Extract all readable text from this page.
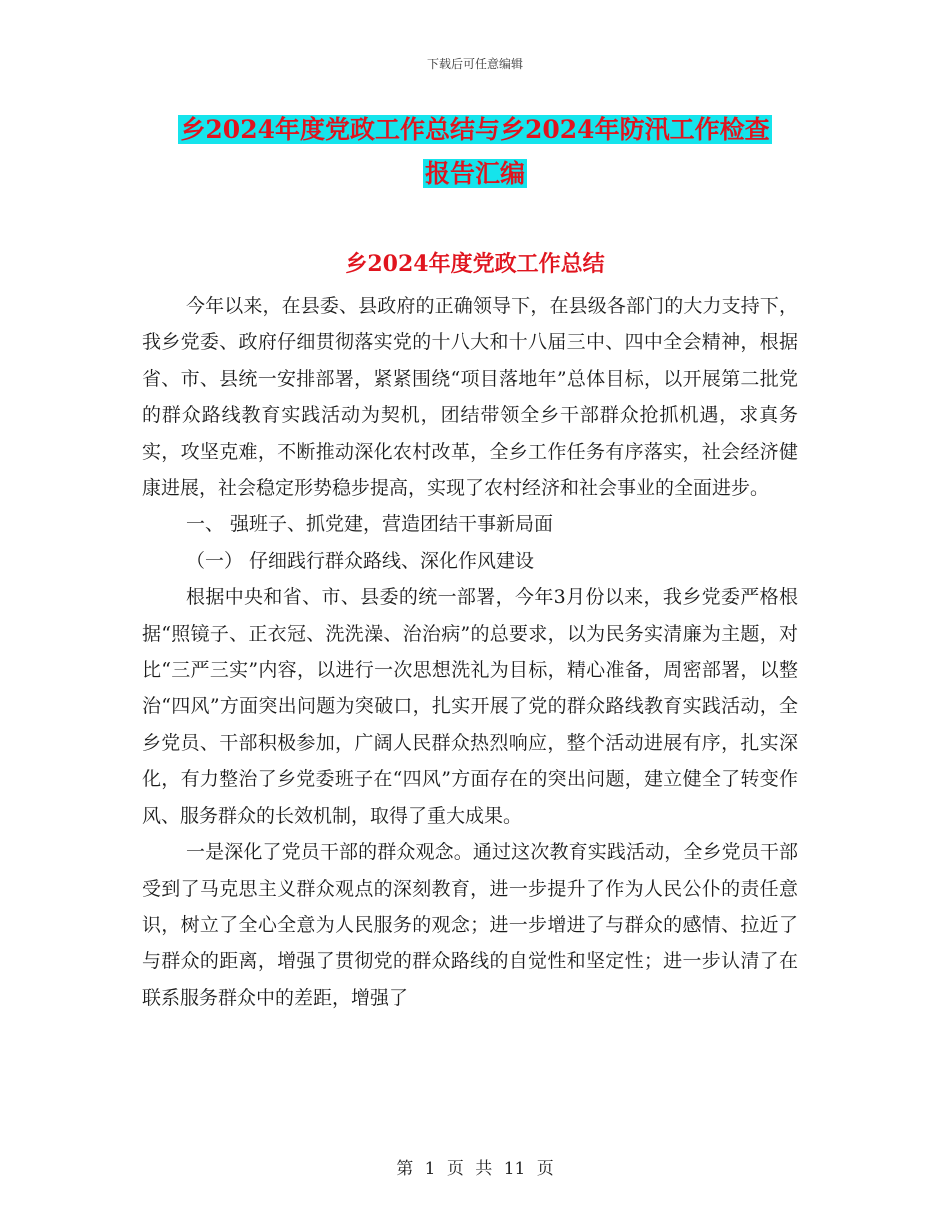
下载后可任意编辑
乡2024年度党政工作总结与乡2024年防汛工作检查
报告汇编
乡2024年度党政工作总结

今年以来，在县委、县政府的正确领导下，在县级各部门的大力支持下，我乡党委、政府仔细贯彻落实党的十八大和十八届三中、四中全会精神，根据省、市、县统一安排部署，紧紧围绕“项目落地年”总体目标，以开展第二批党的群众路线教育实践活动为契机，团结带领全乡干部群众抢抓机遇，求真务实，攻坚克难，不断推动深化农村改革，全乡工作任务有序落实，社会经济健康进展，社会稳定形势稳步提高，实现了农村经济和社会事业的全面进步。

一、 强班子、抓党建，营造团结干事新局面

（一） 仔细践行群众路线、深化作风建设

根据中央和省、市、县委的统一部署，今年3月份以来，我乡党委严格根据“照镜子、正衣冠、洗洗澡、治治病”的总要求，以为民务实清廉为主题，对比“三严三实”内容，以进行一次思想洗礼为目标，精心准备，周密部署，以整治“四风”方面突出问题为突破口，扎实开展了党的群众路线教育实践活动，全乡党员、干部积极参加，广阔人民群众热烈响应，整个活动进展有序，扎实深化，有力整治了乡党委班子在“四风”方面存在的突出问题，建立健全了转变作风、服务群众的长效机制，取得了重大成果。

一是深化了党员干部的群众观念。通过这次教育实践活动，全乡党员干部受到了马克思主义群众观点的深刻教育，进一步提升了作为人民公仆的责任意识，树立了全心全意为人民服务的观念；进一步增进了与群众的感情、拉近了与群众的距离，增强了贯彻党的群众路线的自觉性和坚定性；进一步认清了在联系服务群众中的差距，增强了

第 1 页 共 11 页
